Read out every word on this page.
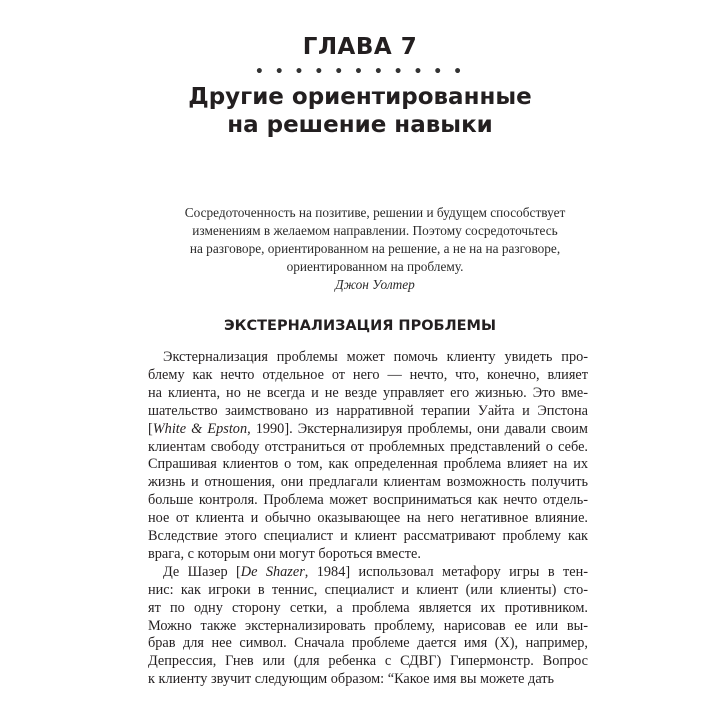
ГЛАВА 7
• • • • • • • • • • •
Другие ориентированные
на решение навыки
Сосредоточенность на позитиве, решении и будущем способствует
изменениям в желаемом направлении. Поэтому сосредоточьтесь
на разговоре, ориентированном на решение, а не на на разговоре,
ориентированном на проблему.
Джон Уолтер
ЭКСТЕРНАЛИЗАЦИЯ ПРОБЛЕМЫ
Экстернализация проблемы может помочь клиенту увидеть про-
блему как нечто отдельное от него — нечто, что, конечно, влияет
на клиента, но не всегда и не везде управляет его жизнью. Это вме-
шательство заимствовано из нарративной терапии Уайта и Эпстона
[White & Epston, 1990]. Экстернализируя проблемы, они давали своим
клиентам свободу отстраниться от проблемных представлений о себе.
Спрашивая клиентов о том, как определенная проблема влияет на их
жизнь и отношения, они предлагали клиентам возможность получить
больше контроля. Проблема может восприниматься как нечто отдель-
ное от клиента и обычно оказывающее на него негативное влияние.
Вследствие этого специалист и клиент рассматривают проблему как
врага, с которым они могут бороться вместе.
Де Шазер [De Shazer, 1984] использовал метафору игры в тен-
нис: как игроки в теннис, специалист и клиент (или клиенты) сто-
ят по одну сторону сетки, а проблема является их противником.
Можно также экстернализировать проблему, нарисовав ее или вы-
брав для нее символ. Сначала проблеме дается имя (X), например,
Депрессия, Гнев или (для ребенка с СДВГ) Гипермонстр. Вопрос
к клиенту звучит следующим образом: “Какое имя вы можете дать
